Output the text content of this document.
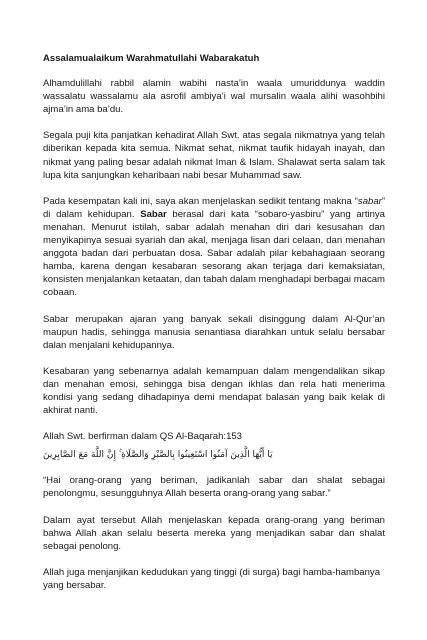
Assalamualaikum Warahmatullahi Wabarakatuh

Alhamdulillahi rabbil alamin wabihi nasta’in waala umuriddunya waddin wassalatu wassalamu ala asrofil ambiya’i wal mursalin waala alihi wasohbihi ajma’in ama ba’du.

Segala puji kita panjatkan kehadirat Allah Swt. atas segala nikmatnya yang telah diberikan kepada kita semua. Nikmat sehat, nikmat taufik hidayah inayah, dan nikmat yang paling besar adalah nikmat Iman & Islam. Shalawat serta salam tak lupa kita sanjungkan keharibaan nabi besar Muhammad saw.

Pada kesempatan kali ini, saya akan menjelaskan sedikit tentang makna “sabar” di dalam kehidupan. Sabar berasal dari kata “sobaro-yasbiru” yang artinya menahan. Menurut istilah, sabar adalah menahan diri dari kesusahan dan menyikapinya sesuai syariah dan akal, menjaga lisan dari celaan, dan menahan anggota badan dari perbuatan dosa. Sabar adalah pilar kebahagiaan seorang hamba, karena dengan kesabaran sesorang akan terjaga dari kemaksiatan, konsisten menjalankan ketaatan, dan tabah dalam menghadapi berbagai macam cobaan.

Sabar merupakan ajaran yang banyak sekali disinggung dalam Al-Qur’an maupun hadis, sehingga manusia senantiasa diarahkan untuk selalu bersabar dalan menjalani kehidupannya.

Kesabaran yang sebenarnya adalah kemampuan dalam mengendalikan sikap dan menahan emosi, sehingga bisa dengan ikhlas dan rela hati menerima kondisi yang sedang dihadapinya demi mendapat balasan yang baik kelak di akhirat nanti.

Allah Swt. berfirman dalam QS Al-Baqarah:153

يَا أَيُّهَا الَّذِينَ آمَنُوا اسْتَعِينُوا بِالصَّبْرِ وَالصَّلَاةِ ۚ إِنَّ اللَّهَ مَعَ الصَّابِرِينَ

“Hai orang-orang yang beriman, jadikanlah sabar dan shalat sebagai penolongmu, sesungguhnya Allah beserta orang-orang yang sabar.”

Dalam ayat tersebut Allah menjelaskan kepada orang-orang yang beriman bahwa Allah akan selalu beserta mereka yang menjadikan sabar dan shalat sebagai penolong.

Allah juga menjanjikan kedudukan yang tinggi (di surga) bagi hamba-hambanya yang bersabar.
